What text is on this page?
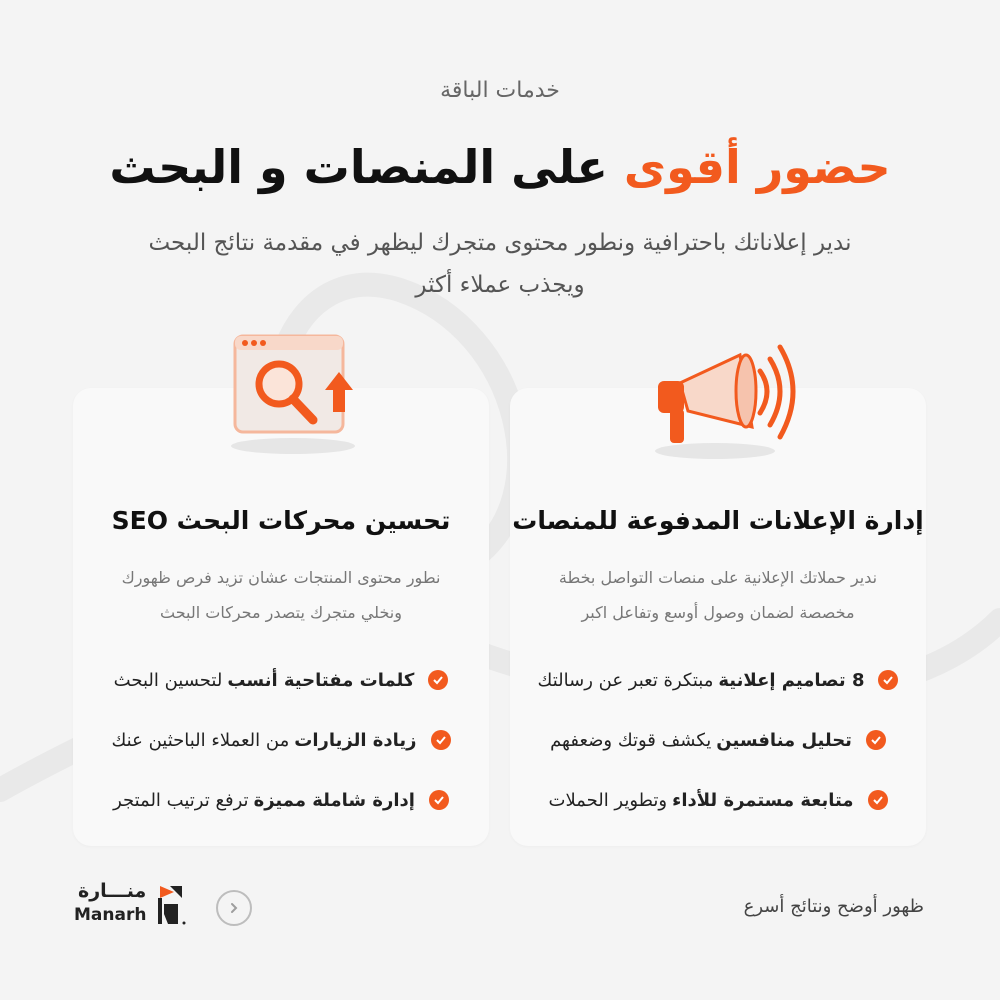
خدمات الباقة
حضور أقوى على المنصات و البحث
ندير إعلاناتك باحترافية ونطور محتوى متجرك ليظهر في مقدمة نتائج البحث ويجذب عملاء أكثر
إدارة الإعلانات المدفوعة للمنصات
ندير حملاتك الإعلانية على منصات التواصل بخطة مخصصة لضمان وصول أوسع وتفاعل اكبر
8 تصاميم إعلانية
مبتكرة تعبر عن رسالتك
تحليل منافسين
يكشف قوتك وضعفهم
متابعة مستمرة للأداء
وتطوير الحملات
تحسين محركات البحث SEO
نطور محتوى المنتجات عشان تزيد فرص ظهورك ونخلي متجرك يتصدر محركات البحث
كلمات مفتاحية أنسب
لتحسين البحث
زيادة الزيارات
من العملاء الباحثين عنك
إدارة شاملة مميزة
ترفع ترتيب المتجر
ظهور أوضح ونتائج أسرع
منـــارة
Manarh
